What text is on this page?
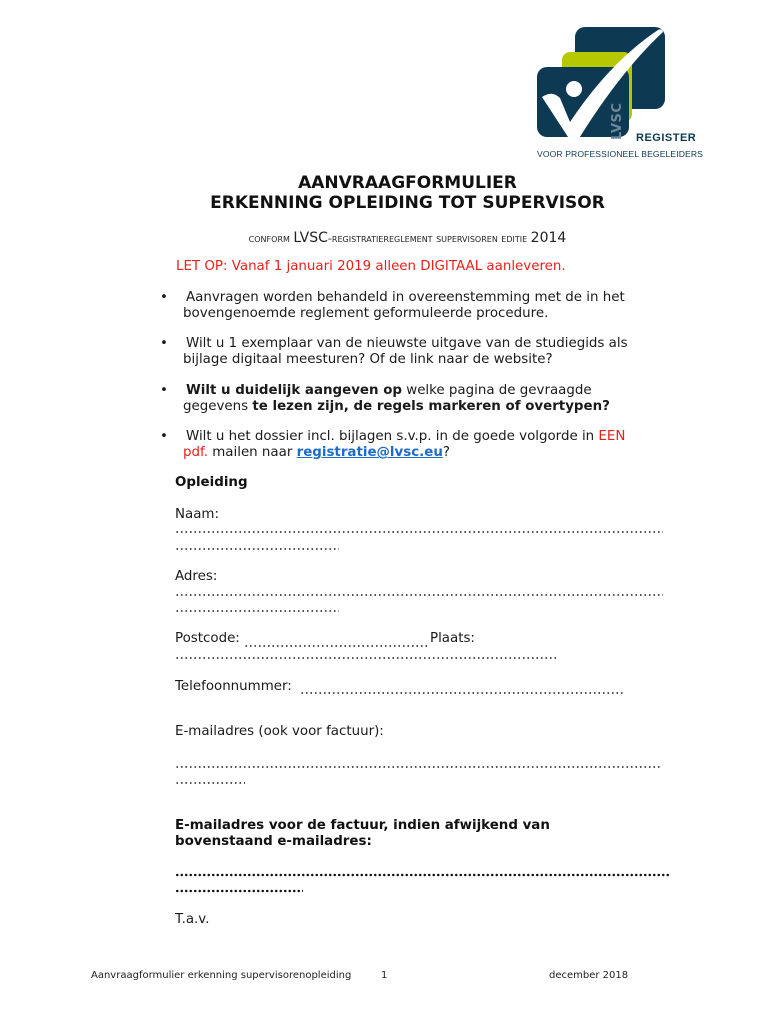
LVSC REGISTER
VOOR PROFESSIONEEL BEGELEIDERS
AANVRAAGFORMULIER
ERKENNING OPLEIDING TOT SUPERVISOR
conform LVSC-registratiereglement supervisoren editie 2014
LET OP: Vanaf 1 januari 2019 alleen DIGITAAL aanleveren.
• Aanvragen worden behandeld in overeenstemming met de in het
bovengenoemde reglement geformuleerde procedure.
• Wilt u 1 exemplaar van de nieuwste uitgave van de studiegids als
bijlage digitaal meesturen? Of de link naar de website?
• Wilt u duidelijk aangeven op welke pagina de gevraagde
gegevens te lezen zijn, de regels markeren of overtypen?
• Wilt u het dossier incl. bijlagen s.v.p. in de goede volgorde in EEN
pdf. mailen naar registratie@lvsc.eu?
Opleiding
Naam:
Adres:
Postcode:	Plaats:
Telefoonnummer:
E-mailadres (ook voor factuur):
E-mailadres voor de factuur, indien afwijkend van
bovenstaand e-mailadres:
T.a.v.
Aanvraagformulier erkenning supervisorenopleiding	1	december 2018
